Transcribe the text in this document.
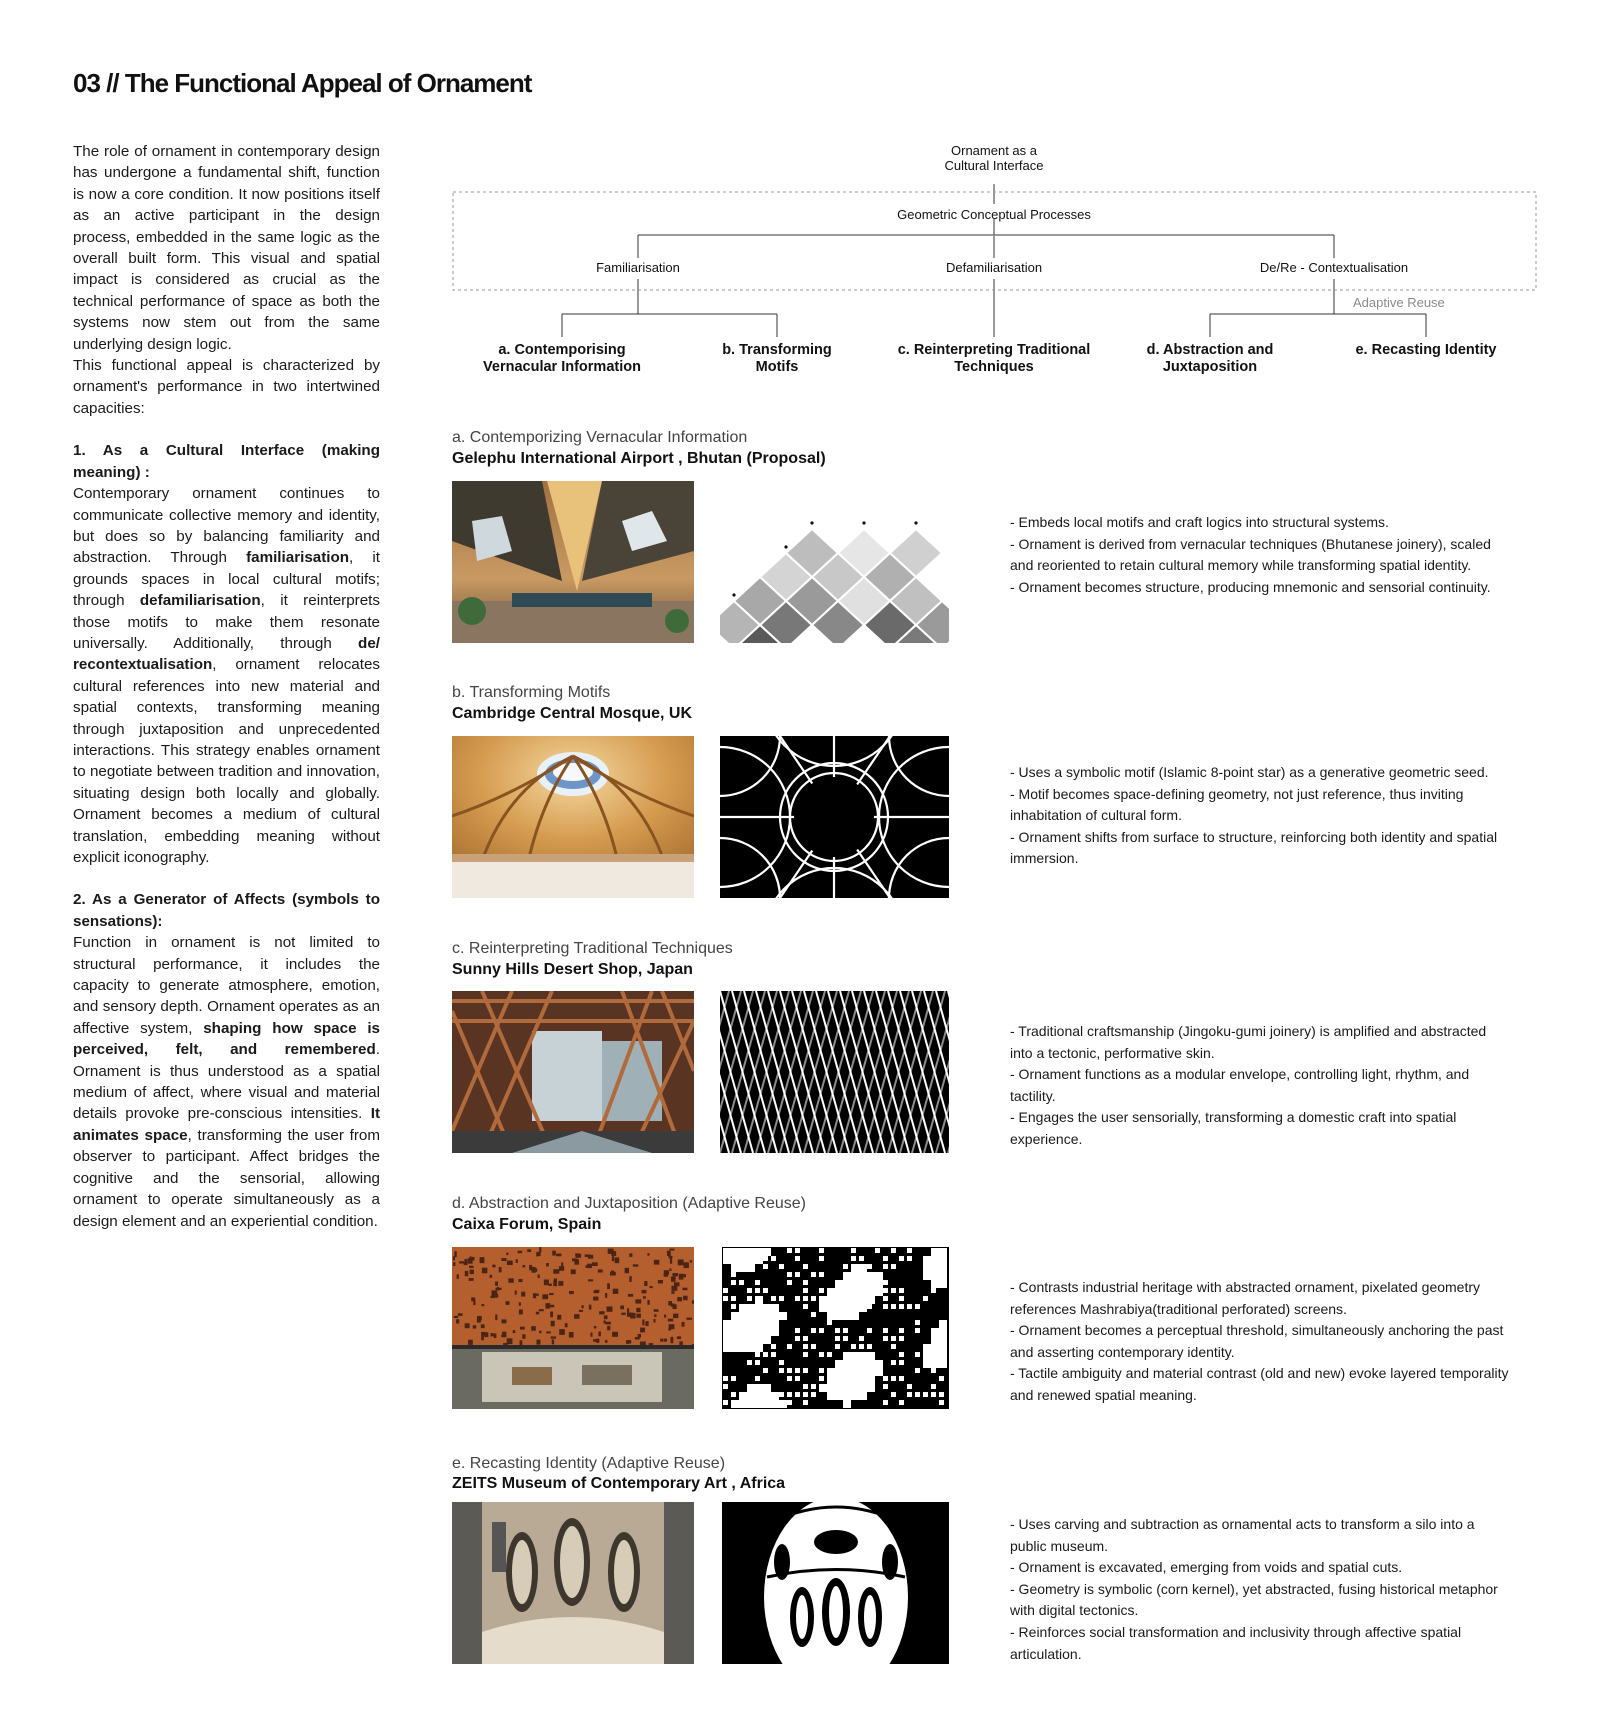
03 // The Functional Appeal of Ornament

The role of ornament in contemporary design has undergone a fundamental shift, function is now a core condition. It now positions itself as an active participant in the design process, embedded in the same logic as the overall built form. This visual and spatial impact is considered as crucial as the technical performance of space as both the systems now stem out from the same underlying design logic.

This functional appeal is characterized by ornament's performance in two intertwined capacities:

1. As a Cultural Interface (making meaning) :

Contemporary ornament continues to communicate collective memory and identity, but does so by balancing familiarity and abstraction. Through familiarisation, it grounds spaces in local cultural motifs; through defamiliarisation, it reinterprets those motifs to make them resonate universally. Additionally, through de/ recontextualisation, ornament relocates cultural references into new material and spatial contexts, transforming meaning through juxtaposition and unprecedented interactions. This strategy enables ornament to negotiate between tradition and innovation, situating design both locally and globally. Ornament becomes a medium of cultural translation, embedding meaning without explicit iconography.

2. As a Generator of Affects (symbols to sensations):

Function in ornament is not limited to structural performance, it includes the capacity to generate atmosphere, emotion, and sensory depth. Ornament operates as an affective system, shaping how space is perceived, felt, and remembered. Ornament is thus understood as a spatial medium of affect, where visual and material details provoke pre-conscious intensities. It animates space, transforming the user from observer to participant. Affect bridges the cognitive and the sensorial, allowing ornament to operate simultaneously as a design element and an experiential condition.

Ornament as a
Cultural Interface
Geometric Conceptual Processes
Familiarisation	Defamiliarisation	De/Re - Contextualisation
Adaptive Reuse
a. Contemporising
Vernacular Information
b. Transforming
Motifs
c. Reinterpreting Traditional
Techniques
d. Abstraction and
Juxtaposition
e. Recasting Identity
a. Contemporizing Vernacular Information
Gelephu International Airport , Bhutan (Proposal)
- Embeds local motifs and craft logics into structural systems.
- Ornament is derived from vernacular techniques (Bhutanese joinery), scaled and reoriented to retain cultural memory while transforming spatial identity.
- Ornament becomes structure, producing mnemonic and sensorial continuity.
b. Transforming Motifs
Cambridge Central Mosque, UK
- Uses a symbolic motif (Islamic 8-point star) as a generative geometric seed.
- Motif becomes space-defining geometry, not just reference, thus inviting inhabitation of cultural form.
- Ornament shifts from surface to structure, reinforcing both identity and spatial immersion.
c. Reinterpreting Traditional Techniques
Sunny Hills Desert Shop, Japan
- Traditional craftsmanship (Jingoku-gumi joinery) is amplified and abstracted into a tectonic, performative skin.
- Ornament functions as a modular envelope, controlling light, rhythm, and tactility.
- Engages the user sensorially, transforming a domestic craft into spatial experience.
d. Abstraction and Juxtaposition (Adaptive Reuse)
Caixa Forum, Spain
- Contrasts industrial heritage with abstracted ornament, pixelated geometry references Mashrabiya(traditional perforated) screens.
- Ornament becomes a perceptual threshold, simultaneously anchoring the past and asserting contemporary identity.
- Tactile ambiguity and material contrast (old and new) evoke layered temporality and renewed spatial meaning.
e. Recasting Identity (Adaptive Reuse)
ZEITS Museum of Contemporary Art , Africa
- Uses carving and subtraction as ornamental acts to transform a silo into a public museum.
- Ornament is excavated, emerging from voids and spatial cuts.
- Geometry is symbolic (corn kernel), yet abstracted, fusing historical metaphor with digital tectonics.
- Reinforces social transformation and inclusivity through affective spatial articulation.
